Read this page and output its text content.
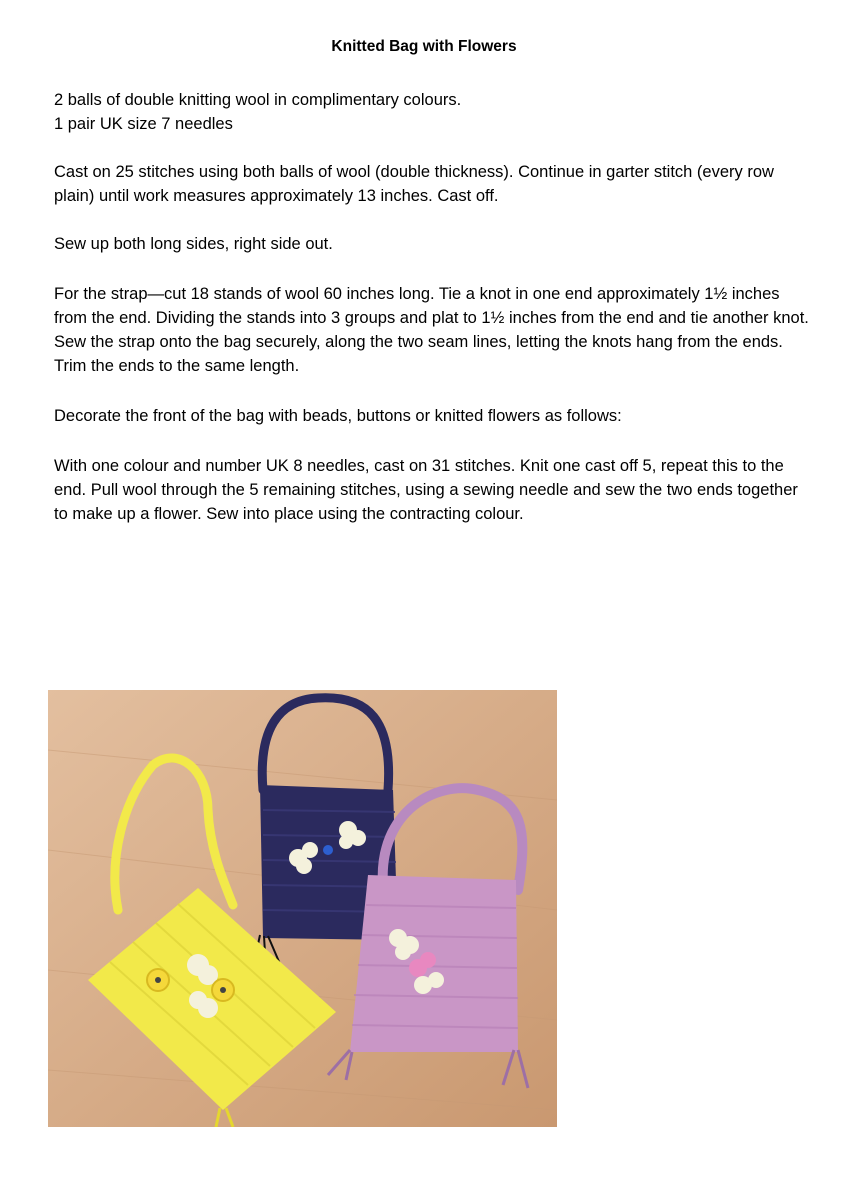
Knitted Bag with Flowers

2 balls of double knitting wool in complimentary colours.

1 pair UK size 7 needles

Cast on 25 stitches using both balls of wool (double thickness). Continue in garter stitch (every row plain) until work measures approximately 13 inches. Cast off.

Sew up both long sides, right side out.

For the strap—cut 18 stands of wool 60 inches long. Tie a knot in one end approximately 1½ inches from the end. Dividing the stands into 3 groups and plat to 1½ inches from the end and tie another knot. Sew the strap onto the bag securely, along the two seam lines, letting the knots hang from the ends. Trim the ends to the same length.

Decorate the front of the bag with beads, buttons or knitted flowers as follows:

With one colour and number UK 8 needles, cast on 31 stitches. Knit one cast off 5, repeat this to the end. Pull wool through the 5 remaining stitches, using a sewing needle and sew the two ends together to make up a flower. Sew into place using the contracting colour.
